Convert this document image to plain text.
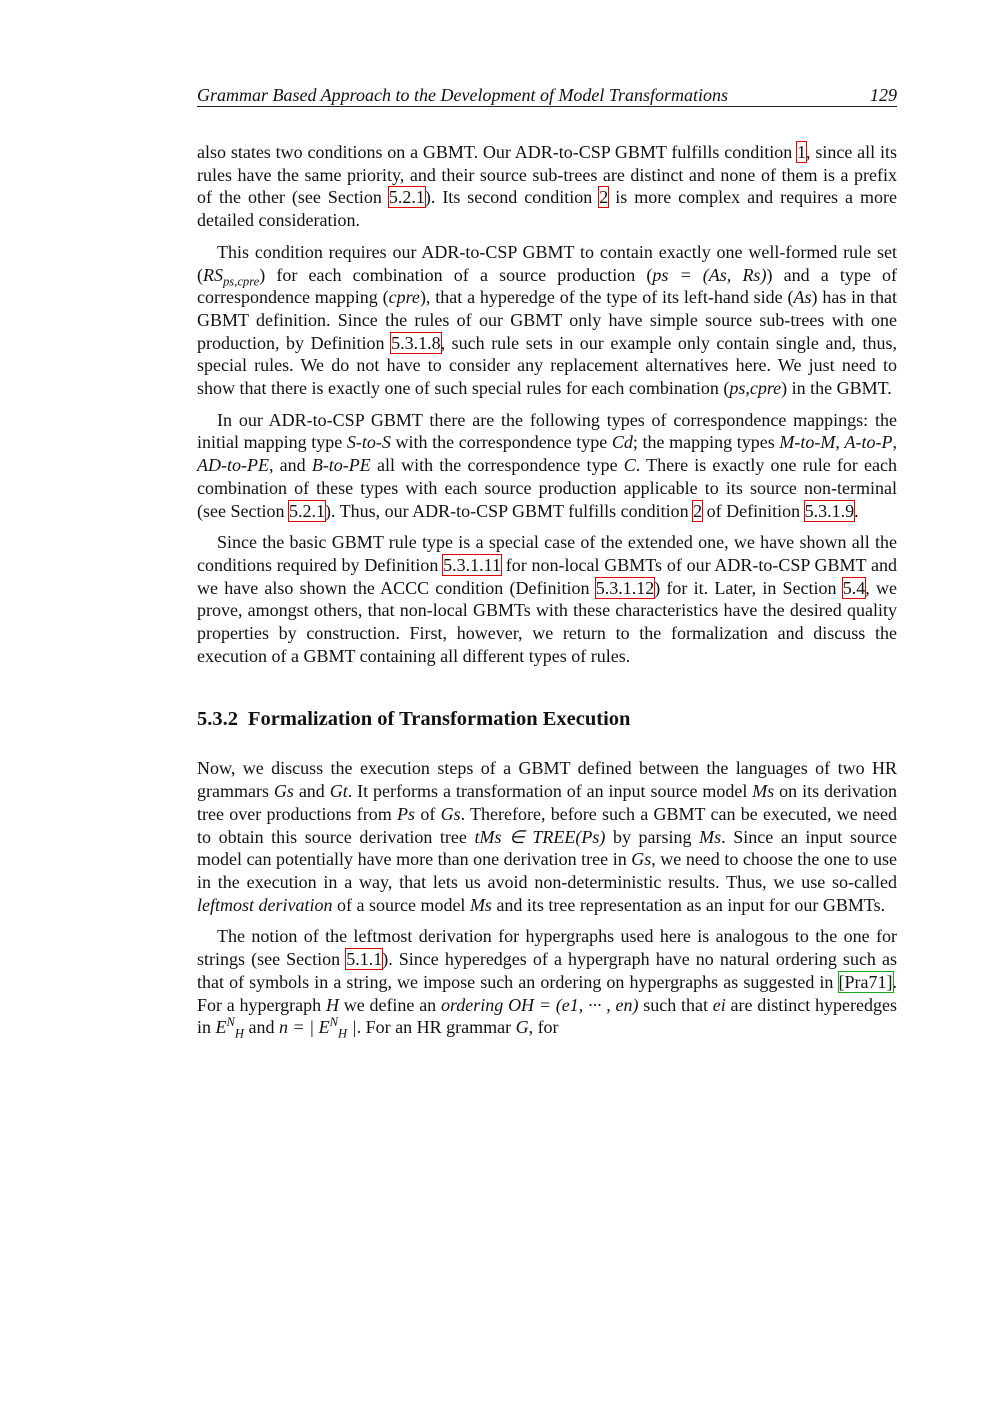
Grammar Based Approach to the Development of Model Transformations	129

also states two conditions on a GBMT. Our ADR-to-CSP GBMT fulfills condition 1, since all its rules have the same priority, and their source sub-trees are distinct and none of them is a prefix of the other (see Section 5.2.1). Its second condition 2 is more complex and requires a more detailed consideration.

This condition requires our ADR-to-CSP GBMT to contain exactly one well-formed rule set $(RS_{ps,cpre})$ for each combination of a source production (ps = (As, Rs)) and a type of correspondence mapping (cpre), that a hyperedge of the type of its left-hand side (As) has in that GBMT definition. Since the rules of our GBMT only have simple source sub-trees with one production, by Definition 5.3.1.8, such rule sets in our example only contain single and, thus, special rules. We do not have to consider any replacement alternatives here. We just need to show that there is exactly one of such special rules for each combination (ps,cpre) in the GBMT.

In our ADR-to-CSP GBMT there are the following types of correspondence mappings: the initial mapping type S-to-S with the correspondence type Cd; the mapping types M-to-M, A-to-P, AD-to-PE, and B-to-PE all with the correspondence type C. There is exactly one rule for each combination of these types with each source production applicable to its source non-terminal (see Section 5.2.1). Thus, our ADR-to-CSP GBMT fulfills condition 2 of Definition 5.3.1.9.

Since the basic GBMT rule type is a special case of the extended one, we have shown all the conditions required by Definition 5.3.1.11 for non-local GBMTs of our ADR-to-CSP GBMT and we have also shown the ACCC condition (Definition 5.3.1.12) for it. Later, in Section 5.4, we prove, amongst others, that non-local GBMTs with these characteristics have the desired quality properties by construction. First, however, we return to the formalization and discuss the execution of a GBMT containing all different types of rules.

5.3.2 Formalization of Transformation Execution

Now, we discuss the execution steps of a GBMT defined between the languages of two HR grammars Gs and Gt. It performs a transformation of an input source model Ms on its derivation tree over productions from Ps of Gs. Therefore, before such a GBMT can be executed, we need to obtain this source derivation tree tMs ∈ TREE(Ps) by parsing Ms. Since an input source model can potentially have more than one derivation tree in Gs, we need to choose the one to use in the execution in a way, that lets us avoid non-deterministic results. Thus, we use so-called leftmost derivation of a source model Ms and its tree representation as an input for our GBMTs.

The notion of the leftmost derivation for hypergraphs used here is analogous to the one for strings (see Section 5.1.1). Since hyperedges of a hypergraph have no natural ordering such as that of symbols in a string, we impose such an ordering on hypergraphs as suggested in [Pra71]. For a hypergraph H we define an ordering OH = (e1, ··· , en) such that ei are distinct hyperedges in $E^N_H$ and n = | $E^N_H$ |. For an HR grammar G, for
